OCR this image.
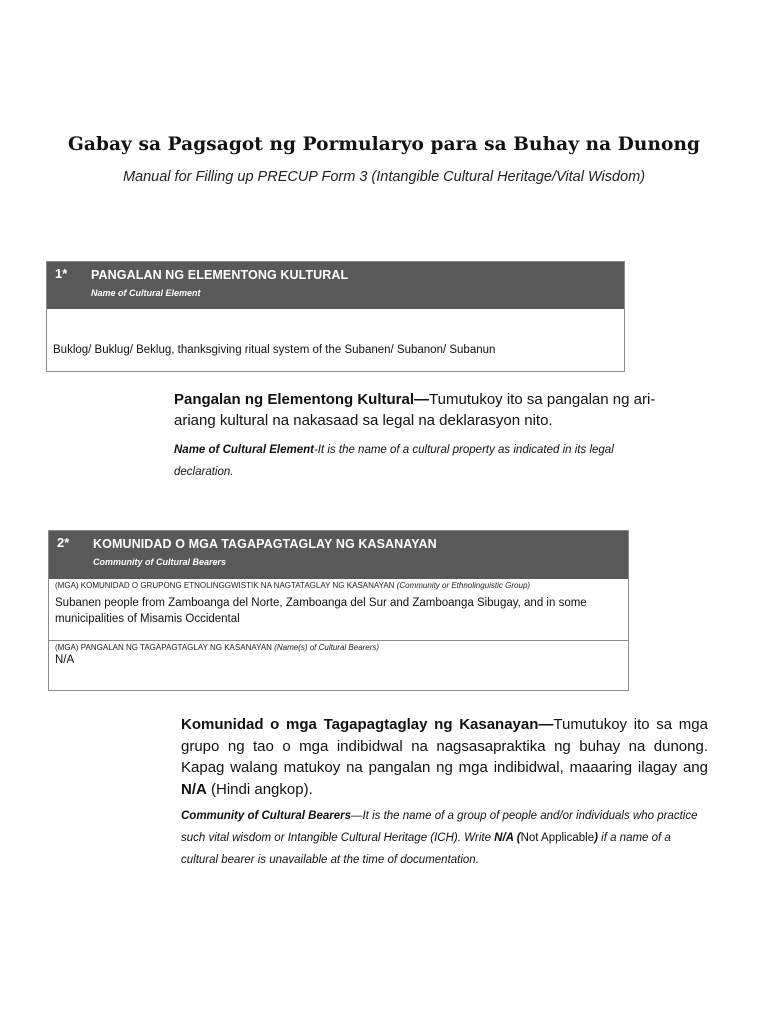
Gabay sa Pagsagot ng Pormularyo para sa Buhay na Dunong
Manual for Filling up PRECUP Form 3 (Intangible Cultural Heritage/Vital Wisdom)
1*	PANGALAN NG ELEMENTONG KULTURAL
Name of Cultural Element
Buklog/ Buklug/ Beklug, thanksgiving ritual system of the Subanen/ Subanon/ Subanun
Pangalan ng Elementong Kultural—Tumutukoy ito sa pangalan ng ari-ariang kultural na nakasaad sa legal na deklarasyon nito.
Name of Cultural Element-It is the name of a cultural property as indicated in its legal declaration.
2*	KOMUNIDAD O MGA TAGAPAGTAGLAY NG KASANAYAN
Community of Cultural Bearers
(MGA) KOMUNIDAD O GRUPONG ETNOLINGGWISTIK NA NAGTATAGLAY NG KASANAYAN (Community or Ethnolinguistic Group)
Subanen people from Zamboanga del Norte, Zamboanga del Sur and Zamboanga Sibugay, and in some municipalities of Misamis Occidental
(MGA) PANGALAN NG TAGAPAGTAGLAY NG KASANAYAN (Name(s) of Cultural Bearers)
N/A
Komunidad o mga Tagapagtaglay ng Kasanayan—Tumutukoy ito sa mga grupo ng tao o mga indibidwal na nagsasapraktika ng buhay na dunong. Kapag walang matukoy na pangalan ng mga indibidwal, maaaring ilagay ang N/A (Hindi angkop).
Community of Cultural Bearers—It is the name of a group of people and/or individuals who practice such vital wisdom or Intangible Cultural Heritage (ICH). Write N/A (Not Applicable) if a name of a cultural bearer is unavailable at the time of documentation.
